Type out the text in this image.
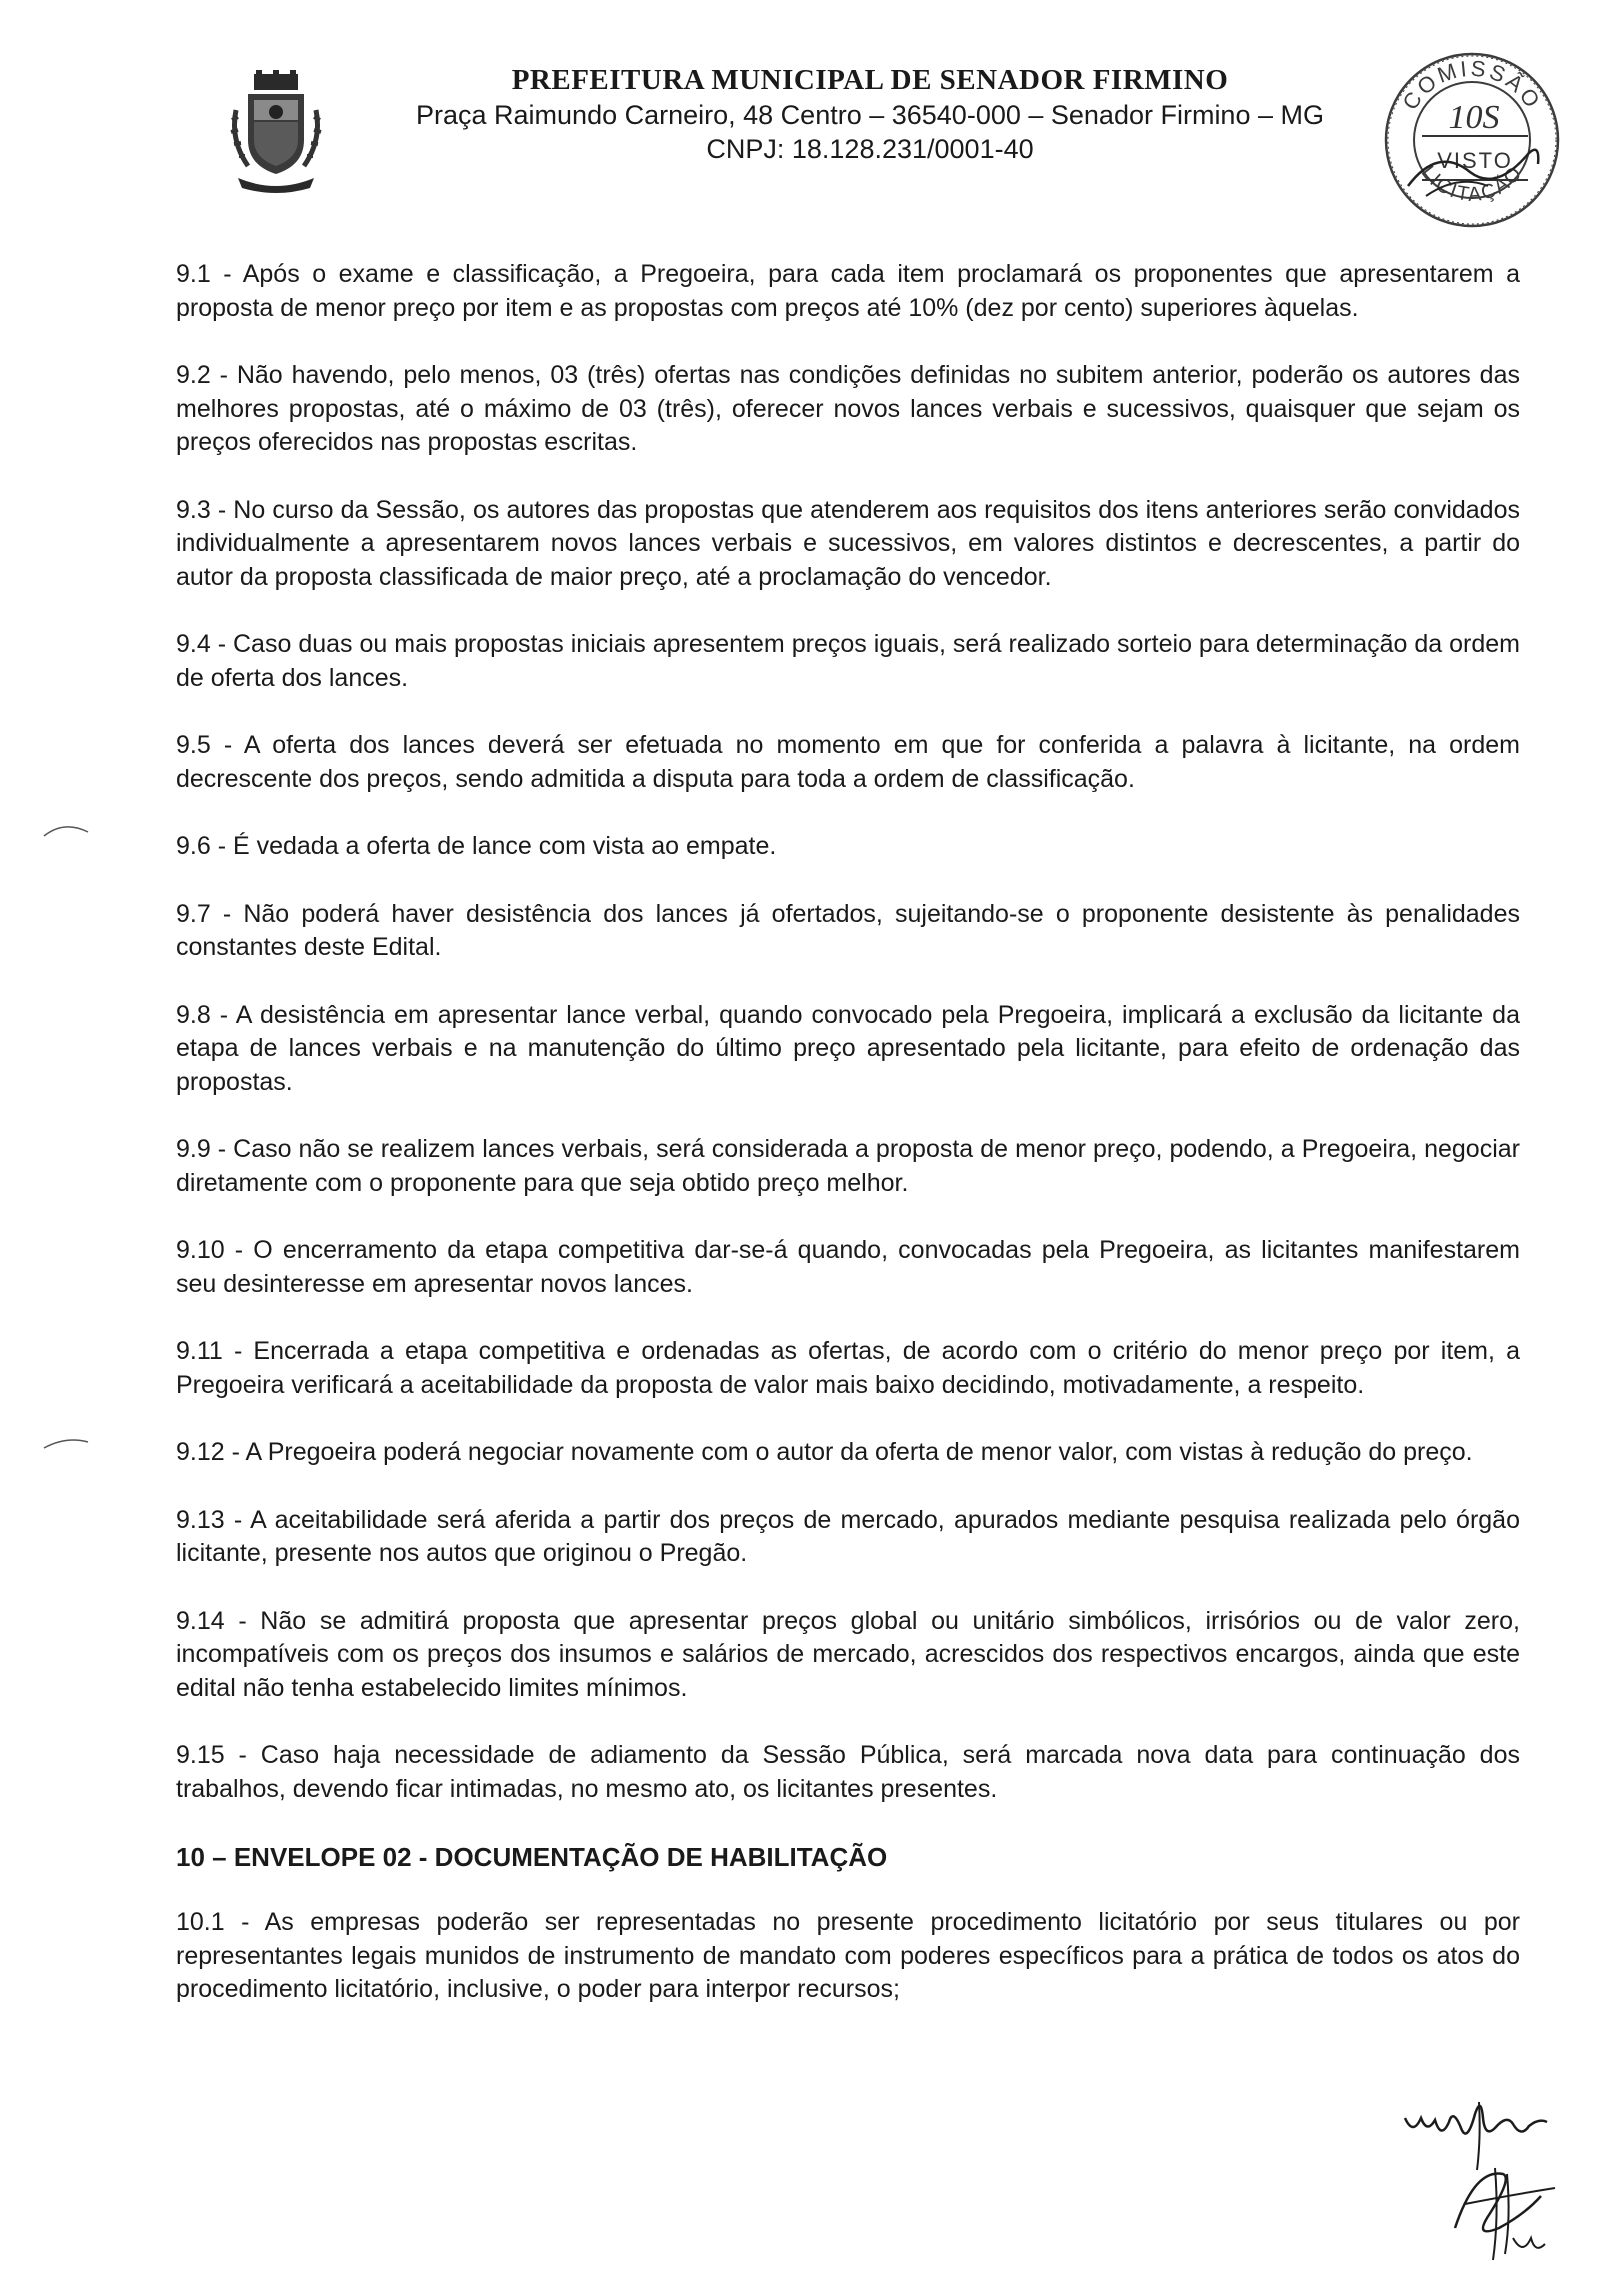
PREFEITURA MUNICIPAL DE SENADOR FIRMINO
Praça Raimundo Carneiro, 48 Centro – 36540-000 – Senador Firmino – MG
CNPJ: 18.128.231/0001-40
COMISSÃO
LICITAÇÃO
10S
VISTO

9.1 - Após o exame e classificação, a Pregoeira, para cada item proclamará os proponentes que apresentarem a proposta de menor preço por item e as propostas com preços até 10% (dez por cento) superiores àquelas.

9.2 - Não havendo, pelo menos, 03 (três) ofertas nas condições definidas no subitem anterior, poderão os autores das melhores propostas, até o máximo de 03 (três), oferecer novos lances verbais e sucessivos, quaisquer que sejam os preços oferecidos nas propostas escritas.

9.3 - No curso da Sessão, os autores das propostas que atenderem aos requisitos dos itens anteriores serão convidados individualmente a apresentarem novos lances verbais e sucessivos, em valores distintos e decrescentes, a partir do autor da proposta classificada de maior preço, até a proclamação do vencedor.

9.4 - Caso duas ou mais propostas iniciais apresentem preços iguais, será realizado sorteio para determinação da ordem de oferta dos lances.

9.5 - A oferta dos lances deverá ser efetuada no momento em que for conferida a palavra à licitante, na ordem decrescente dos preços, sendo admitida a disputa para toda a ordem de classificação.

9.6 - É vedada a oferta de lance com vista ao empate.

9.7 - Não poderá haver desistência dos lances já ofertados, sujeitando-se o proponente desistente às penalidades constantes deste Edital.

9.8 - A desistência em apresentar lance verbal, quando convocado pela Pregoeira, implicará a exclusão da licitante da etapa de lances verbais e na manutenção do último preço apresentado pela licitante, para efeito de ordenação das propostas.

9.9 - Caso não se realizem lances verbais, será considerada a proposta de menor preço, podendo, a Pregoeira, negociar diretamente com o proponente para que seja obtido preço melhor.

9.10 - O encerramento da etapa competitiva dar-se-á quando, convocadas pela Pregoeira, as licitantes manifestarem seu desinteresse em apresentar novos lances.

9.11 - Encerrada a etapa competitiva e ordenadas as ofertas, de acordo com o critério do menor preço por item, a Pregoeira verificará a aceitabilidade da proposta de valor mais baixo decidindo, motivadamente, a respeito.

9.12 - A Pregoeira poderá negociar novamente com o autor da oferta de menor valor, com vistas à redução do preço.

9.13 - A aceitabilidade será aferida a partir dos preços de mercado, apurados mediante pesquisa realizada pelo órgão licitante, presente nos autos que originou o Pregão.

9.14 - Não se admitirá proposta que apresentar preços global ou unitário simbólicos, irrisórios ou de valor zero, incompatíveis com os preços dos insumos e salários de mercado, acrescidos dos respectivos encargos, ainda que este edital não tenha estabelecido limites mínimos.

9.15 - Caso haja necessidade de adiamento da Sessão Pública, será marcada nova data para continuação dos trabalhos, devendo ficar intimadas, no mesmo ato, os licitantes presentes.

10 – ENVELOPE 02 - DOCUMENTAÇÃO DE HABILITAÇÃO

10.1 - As empresas poderão ser representadas no presente procedimento licitatório por seus titulares ou por representantes legais munidos de instrumento de mandato com poderes específicos para a prática de todos os atos do procedimento licitatório, inclusive, o poder para interpor recursos;
